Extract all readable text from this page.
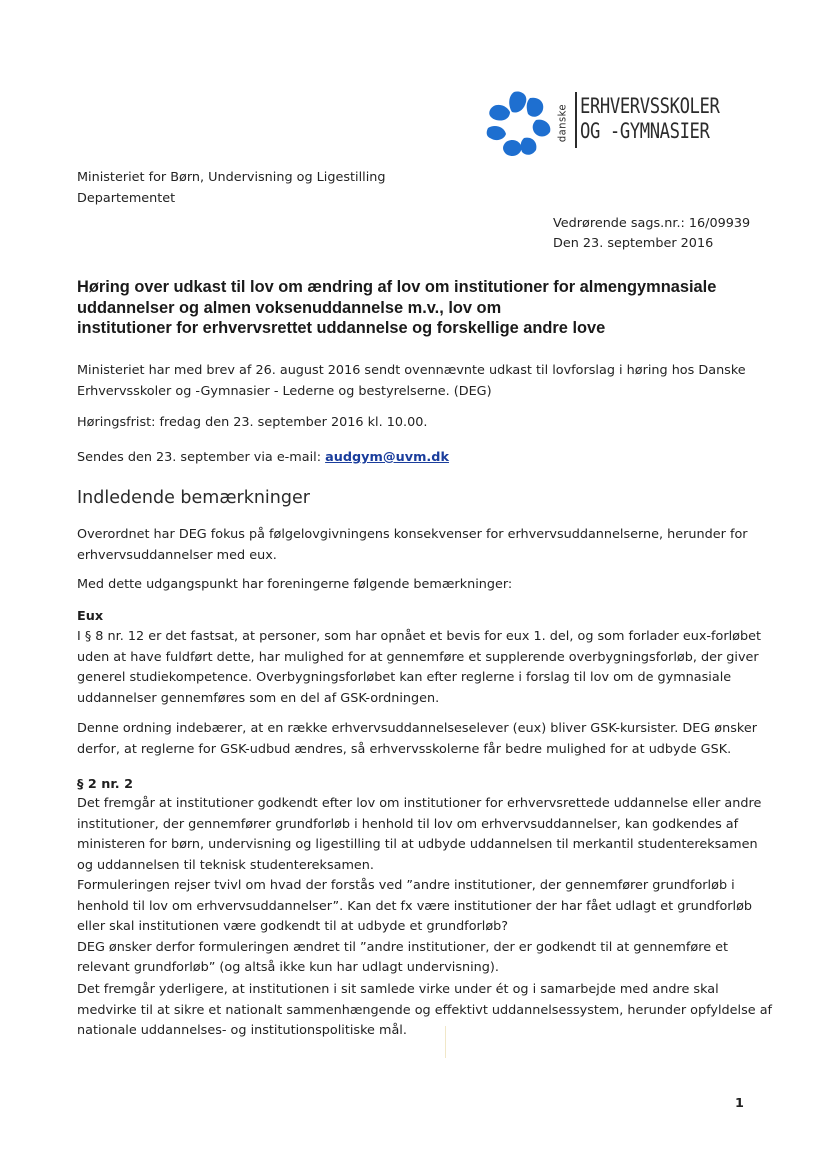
danske ERHVERVSSKOLER
OG -GYMNASIER
Ministeriet for Børn, Undervisning og Ligestilling
Departementet
Vedrørende sags.nr.: 16/09939
Den 23. september 2016
Høring over udkast til lov om ændring af lov om institutioner for almengymnasiale
uddannelser og almen voksenuddannelse m.v., lov om
institutioner for erhvervsrettet uddannelse og forskellige andre love
Ministeriet har med brev af 26. august 2016 sendt ovennævnte udkast til lovforslag i høring hos Danske
Erhvervsskoler og -Gymnasier - Lederne og bestyrelserne. (DEG)
Høringsfrist: fredag den 23. september 2016 kl. 10.00.
Sendes den 23. september via e-mail: audgym@uvm.dk
Indledende bemærkninger
Overordnet har DEG fokus på følgelovgivningens konsekvenser for erhvervsuddannelserne, herunder for
erhvervsuddannelser med eux.
Med dette udgangspunkt har foreningerne følgende bemærkninger:
Eux
I § 8 nr. 12 er det fastsat, at personer, som har opnået et bevis for eux 1. del, og som forlader eux-forløbet
uden at have fuldført dette, har mulighed for at gennemføre et supplerende overbygningsforløb, der giver
generel studiekompetence. Overbygningsforløbet kan efter reglerne i forslag til lov om de gymnasiale
uddannelser gennemføres som en del af GSK-ordningen.
Denne ordning indebærer, at en række erhvervsuddannelseselever (eux) bliver GSK-kursister. DEG ønsker
derfor, at reglerne for GSK-udbud ændres, så erhvervsskolerne får bedre mulighed for at udbyde GSK.
§ 2 nr. 2
Det fremgår at institutioner godkendt efter lov om institutioner for erhvervsrettede uddannelse eller andre
institutioner, der gennemfører grundforløb i henhold til lov om erhvervsuddannelser, kan godkendes af
ministeren for børn, undervisning og ligestilling til at udbyde uddannelsen til merkantil studentereksamen
og uddannelsen til teknisk studentereksamen.
Formuleringen rejser tvivl om hvad der forstås ved ”andre institutioner, der gennemfører grundforløb i
henhold til lov om erhvervsuddannelser”. Kan det fx være institutioner der har fået udlagt et grundforløb
eller skal institutionen være godkendt til at udbyde et grundforløb?
DEG ønsker derfor formuleringen ændret til ”andre institutioner, der er godkendt til at gennemføre et
relevant grundforløb” (og altså ikke kun har udlagt undervisning).
Det fremgår yderligere, at institutionen i sit samlede virke under ét og i samarbejde med andre skal
medvirke til at sikre et nationalt sammenhængende og effektivt uddannelsessystem, herunder opfyldelse af
nationale uddannelses- og institutionspolitiske mål.
1
